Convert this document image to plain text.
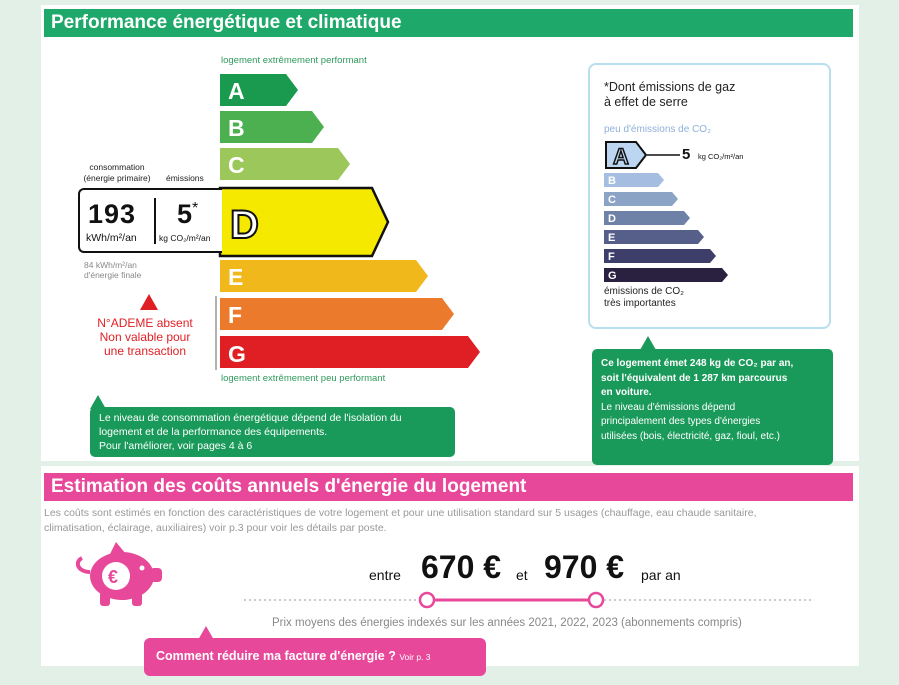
Performance énergétique et climatique
logement extrêmement performant
logement extrêmement peu performant
A
B
C
D
E
F
G
consommation
(énergie primaire)	émissions
193
kWh/m²/an
5*
kg CO₂/m²/an
84 kWh/m²/an
d'énergie finale
N°ADEME absent
Non valable pour
une transaction
Le niveau de consommation énergétique dépend de l'isolation du
logement et de la performance des équipements.
Pour l'améliorer, voir pages 4 à 6
*Dont émissions de gaz
à effet de serre
peu d'émissions de CO₂
A	5 kg CO₂/m²/an
B
C
D
E
F
G
émissions de CO₂
très importantes
Ce logement émet 248 kg de CO₂ par an,
soit l'équivalent de 1 287 km parcourus
en voiture.
Le niveau d'émissions dépend
principalement des types d'énergies
utilisées (bois, électricité, gaz, fioul, etc.)
Estimation des coûts annuels d'énergie du logement
Les coûts sont estimés en fonction des caractéristiques de votre logement et pour une utilisation standard sur 5 usages (chauffage, eau chaude sanitaire,
climatisation, éclairage, auxiliaires) voir p.3 pour voir les détails par poste.
€	entre 670 € et 970 € par an
Prix moyens des énergies indexés sur les années 2021, 2022, 2023 (abonnements compris)
Comment réduire ma facture d'énergie ? Voir p. 3
